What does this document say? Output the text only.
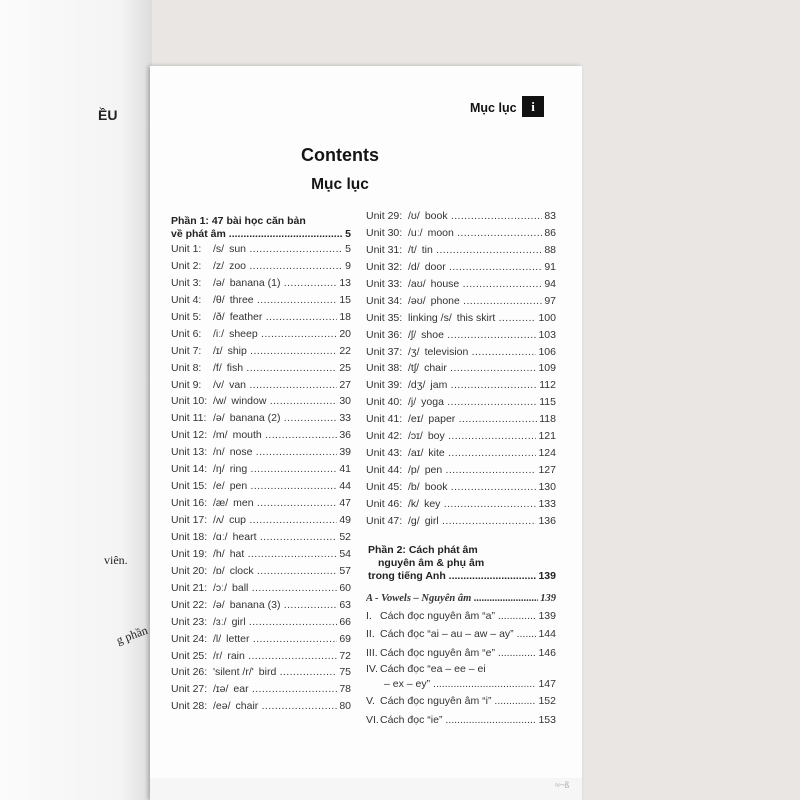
ỀU
viên.
g phần
Mục lục	i
Contents
Mục lục
Phần 1: 47 bài học căn bản
về phát âm .....	5
Unit 1: /s/ sun .....	5
Unit 2: /z/ zoo .....	9
Unit 3: /ə/ banana (1) .....	13
Unit 4: /θ/ three .....	15
Unit 5: /ð/ feather .....	18
Unit 6: /iː/ sheep .....	20
Unit 7: /ɪ/ ship .....	22
Unit 8: /f/ fish .....	25
Unit 9: /v/ van .....	27
Unit 10: /w/ window .....	30
Unit 11: /ə/ banana (2) .....	33
Unit 12: /m/ mouth .....	36
Unit 13: /n/ nose .....	39
Unit 14: /ŋ/ ring .....	41
Unit 15: /e/ pen .....	44
Unit 16: /æ/ men .....	47
Unit 17: /ʌ/ cup .....	49
Unit 18: /ɑː/ heart .....	52
Unit 19: /h/ hat .....	54
Unit 20: /ɒ/ clock .....	57
Unit 21: /ɔː/ ball .....	60
Unit 22: /ə/ banana (3) .....	63
Unit 23: /ɜː/ girl .....	66
Unit 24: /l/ letter .....	69
Unit 25: /r/ rain .....	72
Unit 26: 'silent /r/' bird .....	75
Unit 27: /ɪə/ ear .....	78
Unit 28: /eə/ chair .....	80
Unit 29: /ʊ/ book .....	83
Unit 30: /uː/ moon .....	86
Unit 31: /t/ tin .....	88
Unit 32: /d/ door .....	91
Unit 33: /aʊ/ house .....	94
Unit 34: /əʊ/ phone .....	97
Unit 35: linking /s/ this skirt .....	100
Unit 36: /ʃ/ shoe .....	103
Unit 37: /ʒ/ television .....	106
Unit 38: /tʃ/ chair .....	109
Unit 39: /dʒ/ jam .....	112
Unit 40: /j/ yoga .....	115
Unit 41: /eɪ/ paper .....	118
Unit 42: /ɔɪ/ boy .....	121
Unit 43: /aɪ/ kite .....	124
Unit 44: /p/ pen .....	127
Unit 45: /b/ book .....	130
Unit 46: /k/ key .....	133
Unit 47: /g/ girl .....	136
Phần 2: Cách phát âm
nguyên âm & phụ âm
trong tiếng Anh .....	139
A - Vowels – Nguyên âm .....	139
I. Cách đọc nguyên âm “a” .....	139
II. Cách đọc “ai – au – aw – ay” .....	144
III. Cách đọc nguyên âm “e” .....	146
IV. Cách đọc “ea – ee – ei
– ex – ey” .....	147
V. Cách đọc nguyên âm “i” .....	152
VI.Cách đọc “ie” .....	153
≈~ß
